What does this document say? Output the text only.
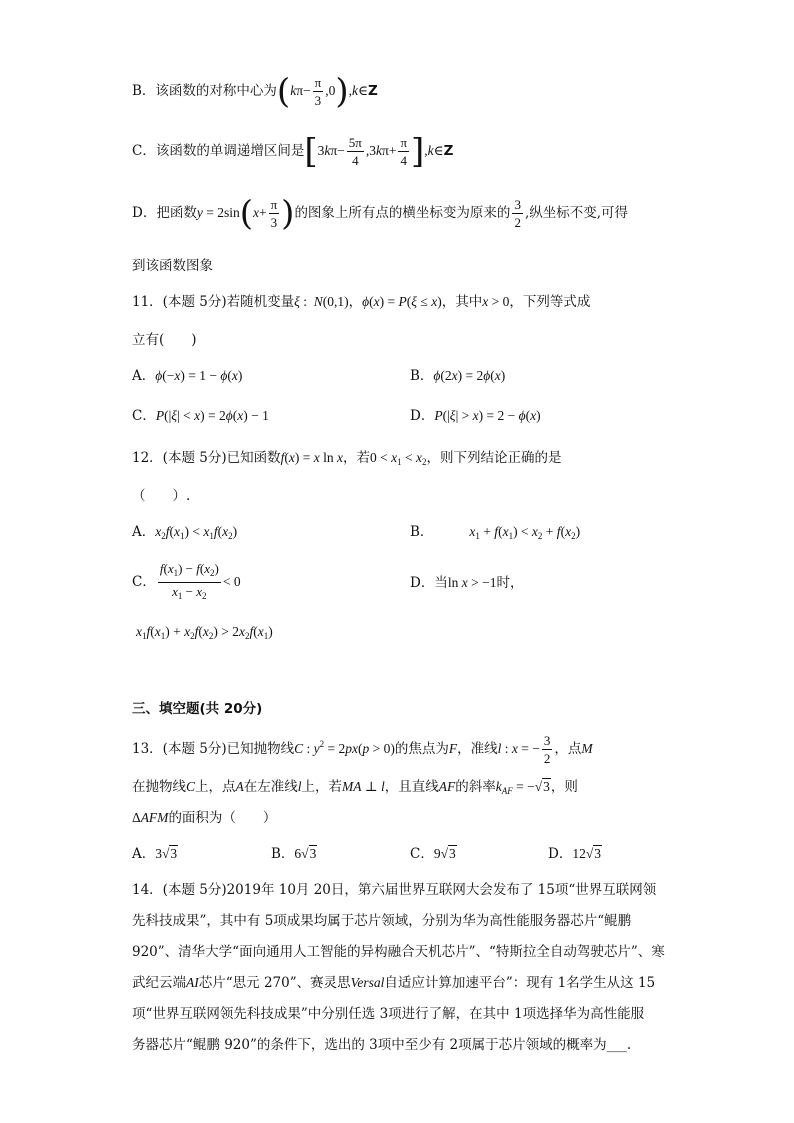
B．该函数的对称中心为($k\pi- \frac{\pi}{3}$ ,0),k∈Z
C．该函数的单调递增区间是[$3k\pi- \frac{5\pi}{4} ,3k\pi+ \frac{\pi}{4}$ ],k∈Z
D．把函数$y = 2\sin(x+ \frac{\pi}{3}$ )的图象上所有点的横坐标变为原来的 $\frac{3}{2}$ ,纵坐标不变,可得
到该函数图象
11．(本题 5分)若随机变量ξ :  N(0,1)，ϕ(x) = P(ξ ≤ x)，其中x > 0，下列等式成
立有(　　)
A．ϕ(−x) = 1 − ϕ(x)	B．ϕ(2x) = 2ϕ(x)
C．P(|ξ| < x) = 2ϕ(x) − 1	D．P(|ξ| > x) = 2 − ϕ(x)
12．(本题 5分)已知函数f(x) = x ln x，若$0 < x_1 < x_2$，则下列结论正确的是
（　　）.
A．$x_2f(x_1) < x_1f(x_2)$	B．	$x_1 + f(x_1) < x_2 + f(x_2)$
C． $\frac{f(x_1) - f(x_2)}{x_1 - x_2} < 0$	D．当ln x > −1时，
$x_1f(x_1) + x_2f(x_2) > 2x_2f(x_1)$
三、填空题(共 20分)
13．(本题 5分)已知抛物线C : $y^2 = 2px(p > 0)$的焦点为F，准线l : x = − $\frac{3}{2}$ ，点M
在抛物线C上，点A在左准线l上，若MA ⊥ l，且直线AF的斜率$k_{AF} = -√3$，则
ΔAFM的面积为（　　）
A．3√3	B．6√3	C．9√3	D．12√3
14．(本题 5分)2019年 10月 20日，第六届世界互联网大会发布了 15项“世界互联网领
先科技成果”，其中有 5项成果均属于芯片领域，分别为华为高性能服务器芯片“鲲鹏
920”、清华大学“面向通用人工智能的异构融合天机芯片”、“特斯拉全自动驾驶芯片”、寒
武纪云端AI芯片“思元 270”、赛灵思Versal自适应计算加速平台”：现有 1名学生从这 15
项“世界互联网领先科技成果”中分别任选 3项进行了解，在其中 1项选择华为高性能服
务器芯片“鲲鹏 920”的条件下，选出的 3项中至少有 2项属于芯片领域的概率为___.
